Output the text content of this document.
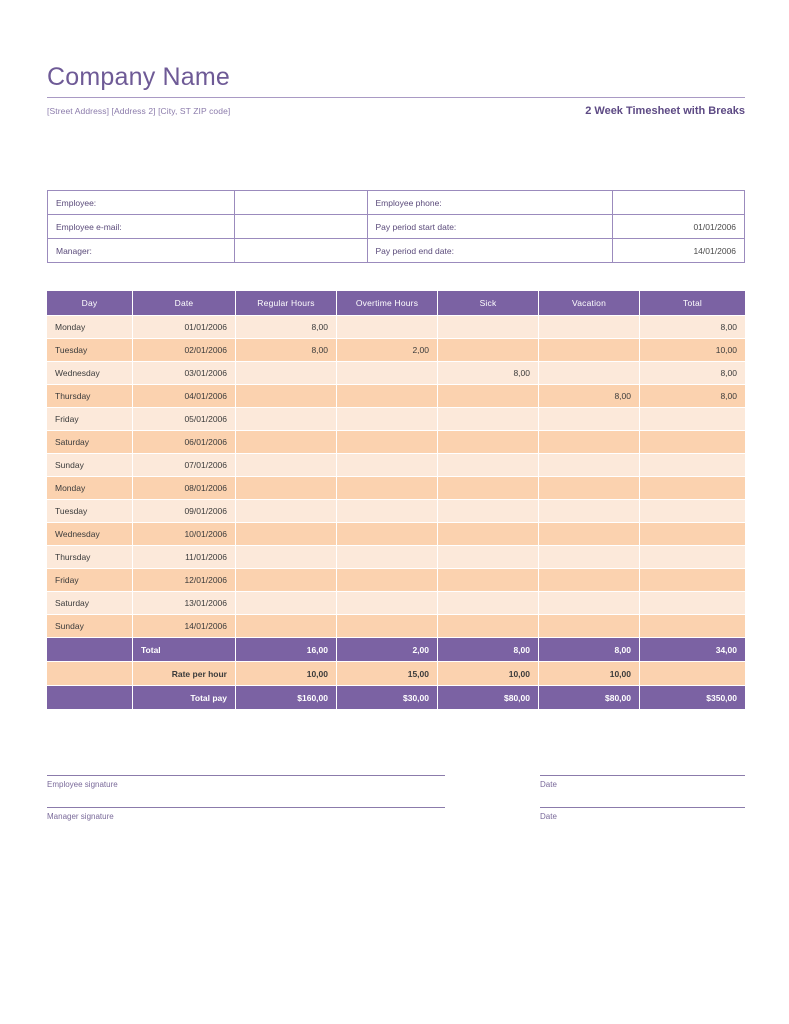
Company Name
[Street Address] [Address 2] [City, ST ZIP code]	2 Week Timesheet with Breaks
Employee:		Employee phone:	
Employee e-mail:		Pay period start date:	01/01/2006
Manager:		Pay period end date:	14/01/2006
Day	Date	Regular Hours	Overtime Hours	Sick	Vacation	Total
Monday	01/01/2006	8,00				8,00
Tuesday	02/01/2006	8,00	2,00			10,00
Wednesday	03/01/2006			8,00		8,00
Thursday	04/01/2006				8,00	8,00
Friday	05/01/2006					
Saturday	06/01/2006					
Sunday	07/01/2006					
Monday	08/01/2006					
Tuesday	09/01/2006					
Wednesday	10/01/2006					
Thursday	11/01/2006					
Friday	12/01/2006					
Saturday	13/01/2006					
Sunday	14/01/2006					
	Total	16,00	2,00	8,00	8,00	34,00
	Rate per hour	10,00	15,00	10,00	10,00	
	Total pay	$160,00	$30,00	$80,00	$80,00	$350,00
Employee signature	Date
Manager signature	Date
